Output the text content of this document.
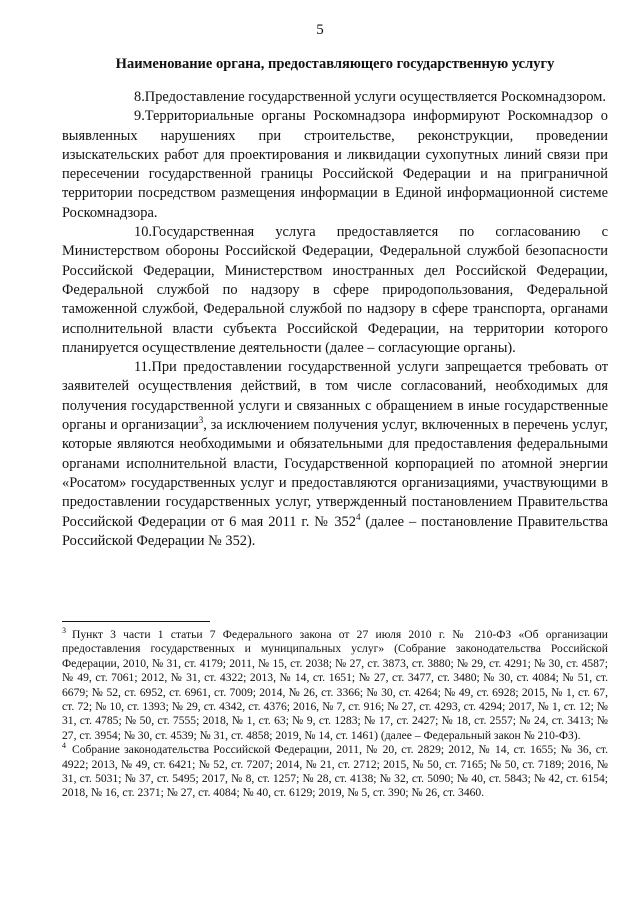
5
Наименование органа, предоставляющего государственную услугу

8.Предоставление государственной услуги осуществляется Роскомнадзором.

9.Территориальные органы Роскомнадзора информируют Роскомнадзор о выявленных нарушениях при строительстве, реконструкции, проведении изыскательских работ для проектирования и ликвидации сухопутных линий связи при пересечении государственной границы Российской Федерации и на приграничной территории посредством размещения информации в Единой информационной системе Роскомнадзора.

10.Государственная услуга предоставляется по согласованию с Министерством обороны Российской Федерации, Федеральной службой безопасности Российской Федерации, Министерством иностранных дел Российской Федерации, Федеральной службой по надзору в сфере природопользования, Федеральной таможенной службой, Федеральной службой по надзору в сфере транспорта, органами исполнительной власти субъекта Российской Федерации, на территории которого планируется осуществление деятельности (далее – согласующие органы).

11.При предоставлении государственной услуги запрещается требовать от заявителей осуществления действий, в том числе согласований, необходимых для получения государственной услуги и связанных с обращением в иные государственные органы и организации$^3$, за исключением получения услуг, включенных в перечень услуг, которые являются необходимыми и обязательными для предоставления федеральными органами исполнительной власти, Государственной корпорацией по атомной энергии «Росатом» государственных услуг и предоставляются организациями, участвующими в предоставлении государственных услуг, утвержденный постановлением Правительства Российской Федерации от 6 мая 2011 г. № $352^4$ (далее – постановление Правительства Российской Федерации № 352).

$^3$ Пункт 3 части 1 статьи 7 Федерального закона от 27 июля 2010 г. № 210-ФЗ «Об организации предоставления государственных и муниципальных услуг» (Собрание законодательства Российской Федерации, 2010, № 31, ст. 4179; 2011, № 15, ст. 2038; № 27, ст. 3873, ст. 3880; № 29, ст. 4291; № 30, ст. 4587; № 49, ст. 7061; 2012, № 31, ст. 4322; 2013, № 14, ст. 1651; № 27, ст. 3477, ст. 3480; № 30, ст. 4084; № 51, ст. 6679; № 52, ст. 6952, ст. 6961, ст. 7009; 2014, № 26, ст. 3366; № 30, ст. 4264; № 49, ст. 6928; 2015, № 1, ст. 67, ст. 72; № 10, ст. 1393; № 29, ст. 4342, ст. 4376; 2016, № 7, ст. 916; № 27, ст. 4293, ст. 4294; 2017, № 1, ст. 12; № 31, ст. 4785; № 50, ст. 7555; 2018, № 1, ст. 63; № 9, ст. 1283; № 17, ст. 2427; № 18, ст. 2557; № 24, ст. 3413; № 27, ст. 3954; № 30, ст. 4539; № 31, ст. 4858; 2019, № 14, ст. 1461) (далее – Федеральный закон № 210-ФЗ).

$^4$ Собрание законодательства Российской Федерации, 2011, № 20, ст. 2829; 2012, № 14, ст. 1655; № 36, ст. 4922; 2013, № 49, ст. 6421; № 52, ст. 7207; 2014, № 21, ст. 2712; 2015, № 50, ст. 7165; № 50, ст. 7189; 2016, № 31, ст. 5031; № 37, ст. 5495; 2017, № 8, ст. 1257; № 28, ст. 4138; № 32, ст. 5090; № 40, ст. 5843; № 42, ст. 6154; 2018, № 16, ст. 2371; № 27, ст. 4084; № 40, ст. 6129; 2019, № 5, ст. 390; № 26, ст. 3460.
